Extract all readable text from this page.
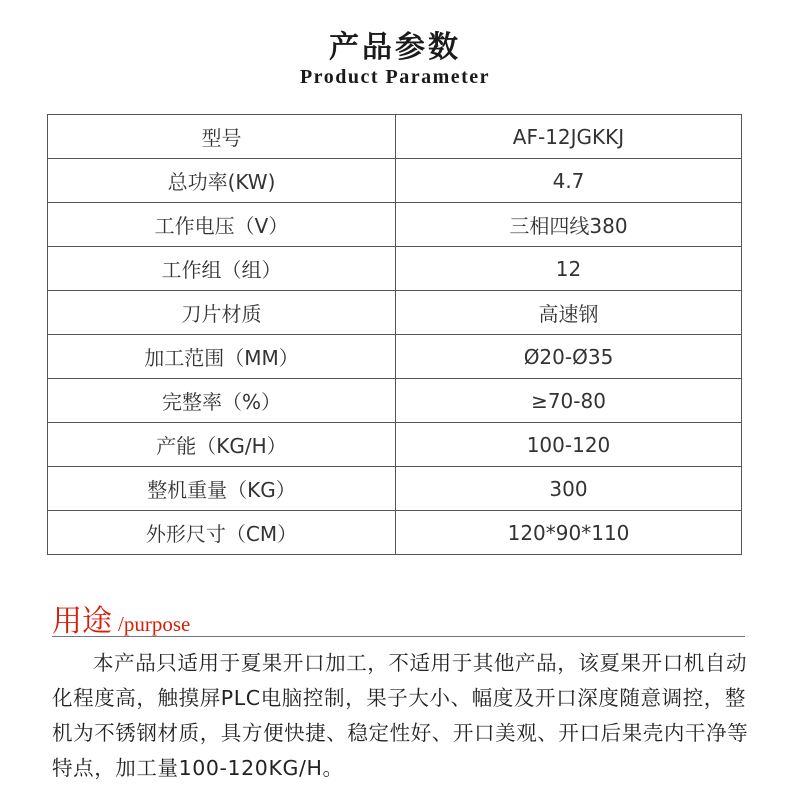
产品参数
Product Parameter
型号	AF-12JGKKJ
总功率(KW)	4.7
工作电压（V）	三相四线380
工作组（组）	12
刀片材质	高速钢
加工范围（MM）	Ø20-Ø35
完整率（%）	≥70-80
产能（KG/H）	100-120
整机重量（KG）	300
外形尺寸（CM）	120*90*110
用途 /purpose
本产品只适用于夏果开口加工，不适用于其他产品，该夏果开口机自动化程度高，触摸屏PLC电脑控制，果子大小、幅度及开口深度随意调控，整机为不锈钢材质，具方便快捷、稳定性好、开口美观、开口后果壳内干净等特点，加工量100-120KG/H。
